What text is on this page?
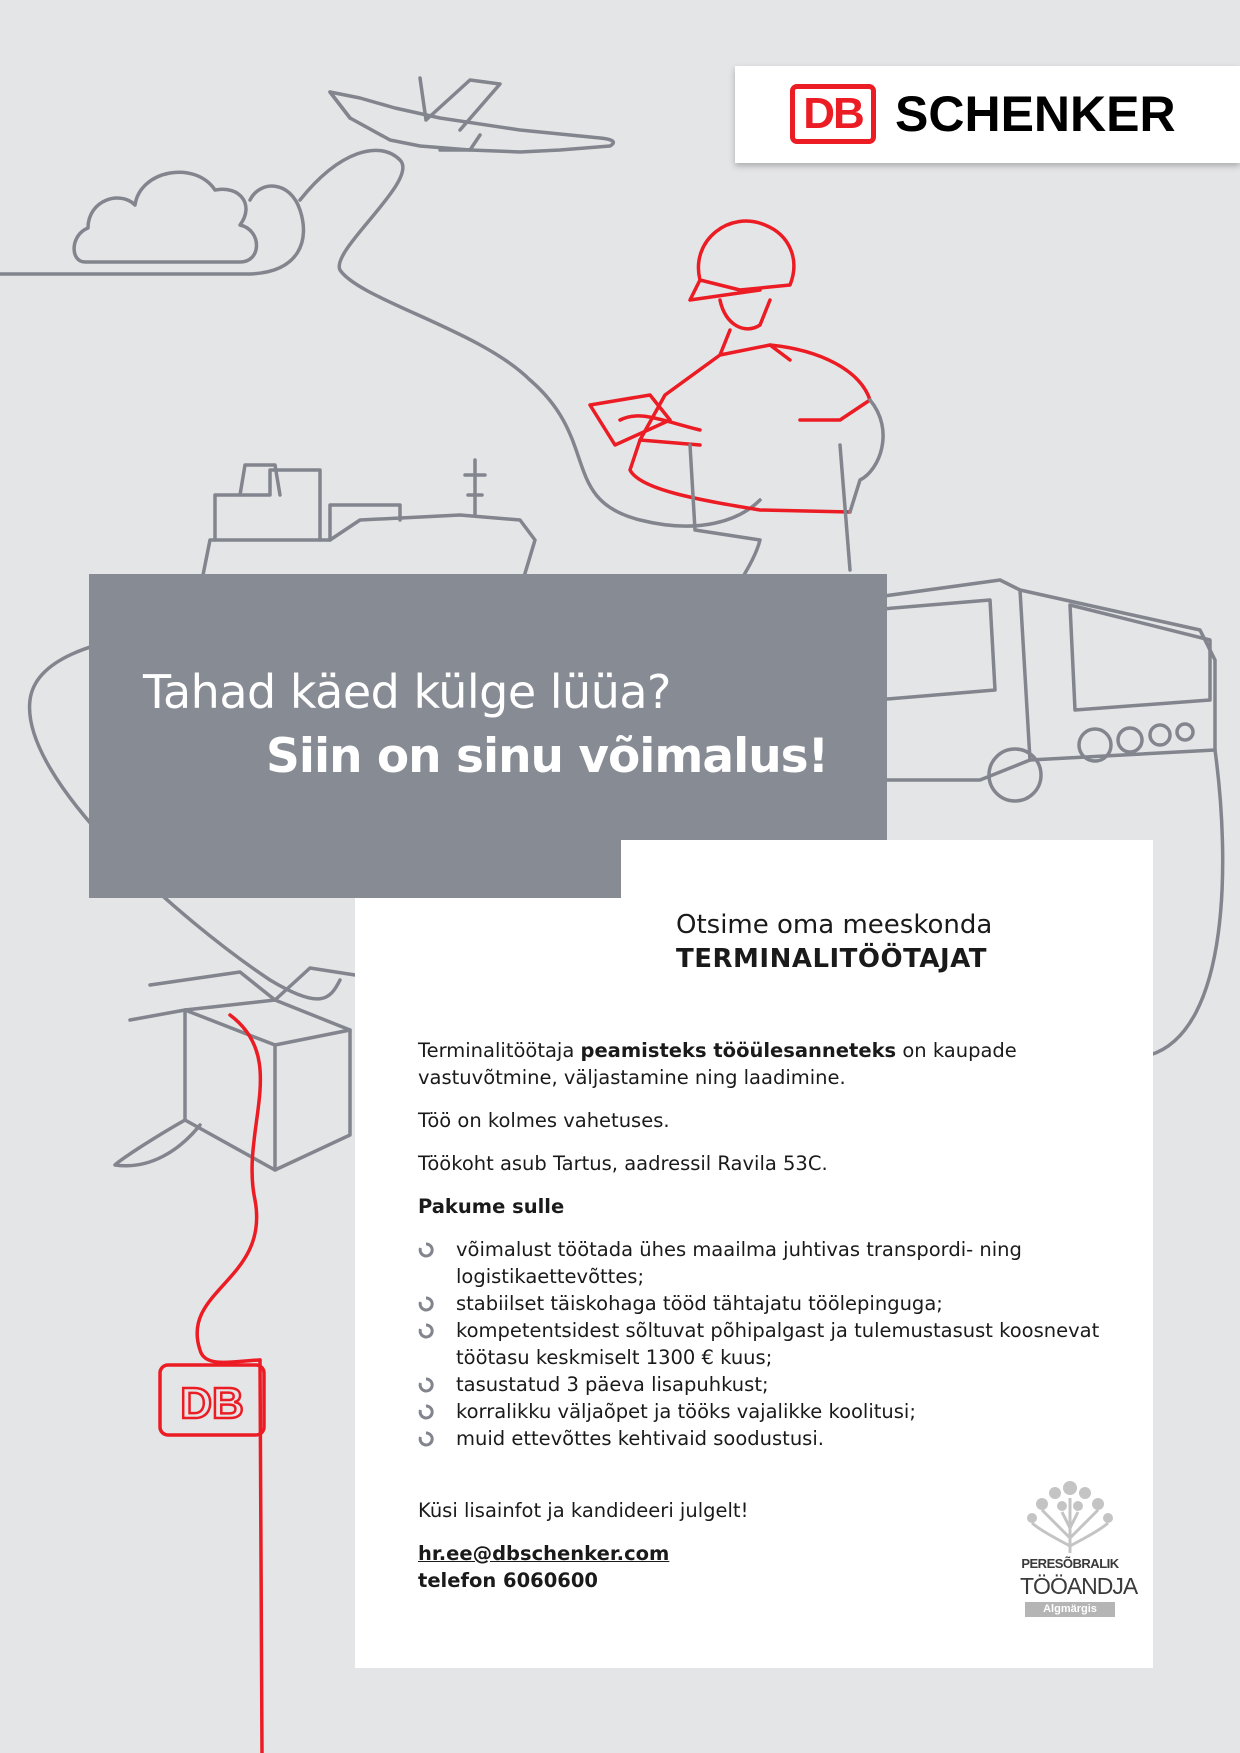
DB
DB SCHENKER
Tahad käed külge lüüa?
Siin on sinu võimalus!
Otsime oma meeskonda
TERMINALITÖÖTAJAT

Terminalitöötaja peamisteks tööülesanneteks on kaupade vastuvõtmine, väljastamine ning laadimine.

Töö on kolmes vahetuses.

Töökoht asub Tartus, aadressil Ravila 53C.

Pakume sulle

võimalust töötada ühes maailma juhtivas transpordi- ning logistikaettevõttes;
stabiilset täiskohaga tööd tähtajatu töölepinguga;
kompetentsidest sõltuvat põhipalgast ja tulemustasust koosnevat töötasu keskmiselt 1300 € kuus;
tasustatud 3 päeva lisapuhkust;
korralikku väljaõpet ja tööks vajalikke koolitusi;
muid ettevõttes kehtivaid soodustusi.
Küsi lisainfot ja kandideeri julgelt!
hr.ee@dbschenker.com
telefon 6060600
PERESÕBRALIK
TÖÖANDJA
Algmärgis
